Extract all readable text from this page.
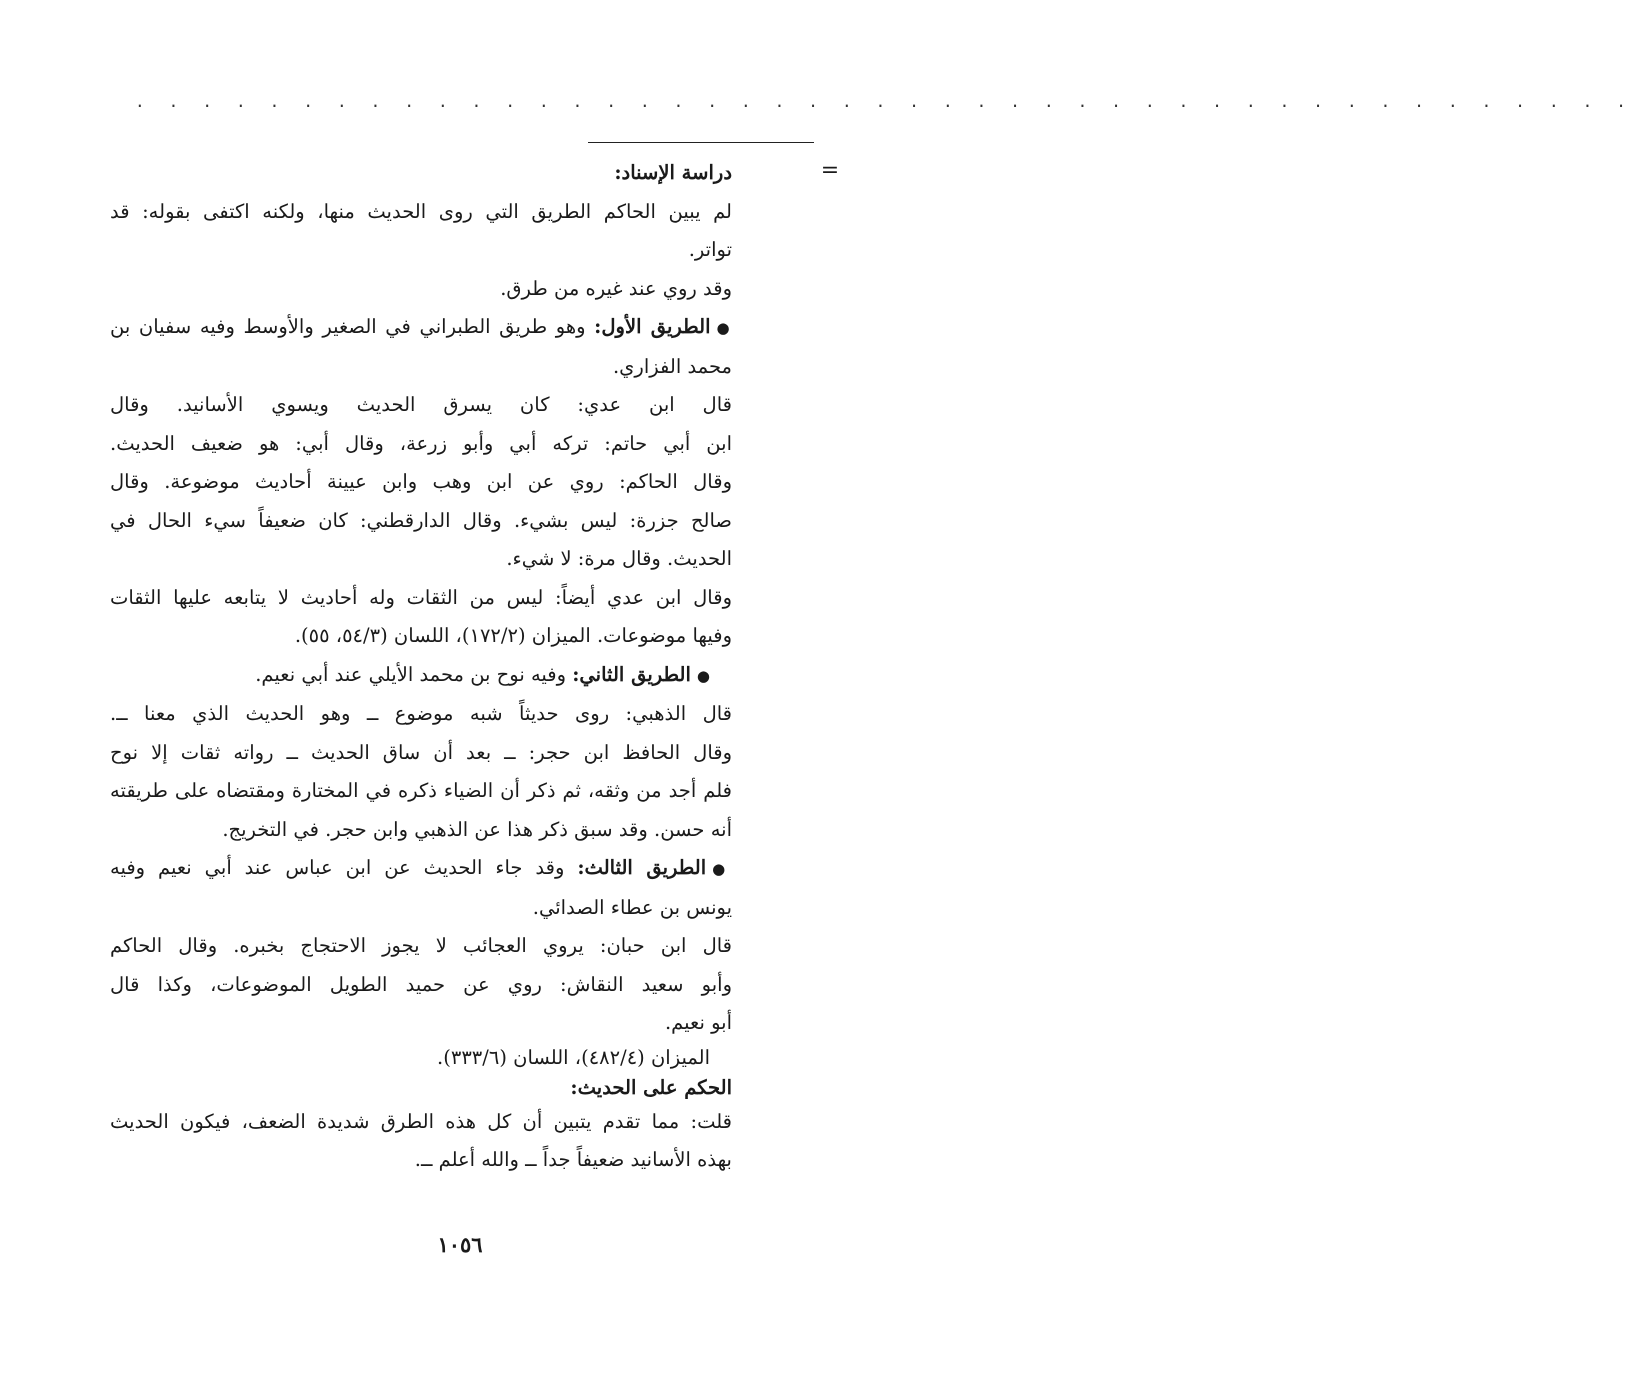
. . . . . . . . . . . . . . . . . . . . . . . . . . . . . . . . . . . . . . . . . . . . .
=

دراسة الإسناد:

لم يبين الحاكم الطريق التي روى الحديث منها، ولكنه اكتفى بقوله: قد

تواتر.

وقد روي عند غيره من طرق.

●الطريق الأول: وهو طريق الطبراني في الصغير والأوسط وفيه سفيان بن

محمد الفزاري.

قال ابن عدي: كان يسرق الحديث ويسوي الأسانيد. وقال

ابن أبي حاتم: تركه أبي وأبو زرعة، وقال أبي: هو ضعيف الحديث.

وقال الحاكم: روي عن ابن وهب وابن عيينة أحاديث موضوعة. وقال

صالح جزرة: ليس بشيء. وقال الدارقطني: كان ضعيفاً سيء الحال في

الحديث. وقال مرة: لا شيء.

وقال ابن عدي أيضاً: ليس من الثقات وله أحاديث لا يتابعه عليها الثقات

وفيها موضوعات. الميزان (١٧٢/٢)، اللسان (٥٤/٣، ٥٥).

●الطريق الثاني: وفيه نوح بن محمد الأيلي عند أبي نعيم.

قال الذهبي: روى حديثاً شبه موضوع ــ وهو الحديث الذي معنا ــ.

وقال الحافظ ابن حجر: ــ بعد أن ساق الحديث ــ رواته ثقات إلا نوح

فلم أجد من وثقه، ثم ذكر أن الضياء ذكره في المختارة ومقتضاه على طريقته

أنه حسن. وقد سبق ذكر هذا عن الذهبي وابن حجر. في التخريج.

●الطريق الثالث: وقد جاء الحديث عن ابن عباس عند أبي نعيم وفيه

يونس بن عطاء الصدائي.

قال ابن حبان: يروي العجائب لا يجوز الاحتجاج بخبره. وقال الحاكم

وأبو سعيد النقاش: روي عن حميد الطويل الموضوعات، وكذا قال

أبو نعيم.

الميزان (٤٨٢/٤)، اللسان (٣٣٣/٦).

الحكم على الحديث:

قلت: مما تقدم يتبين أن كل هذه الطرق شديدة الضعف، فيكون الحديث

بهذه الأسانيد ضعيفاً جداً ــ والله أعلم ــ.

١٠٥٦
